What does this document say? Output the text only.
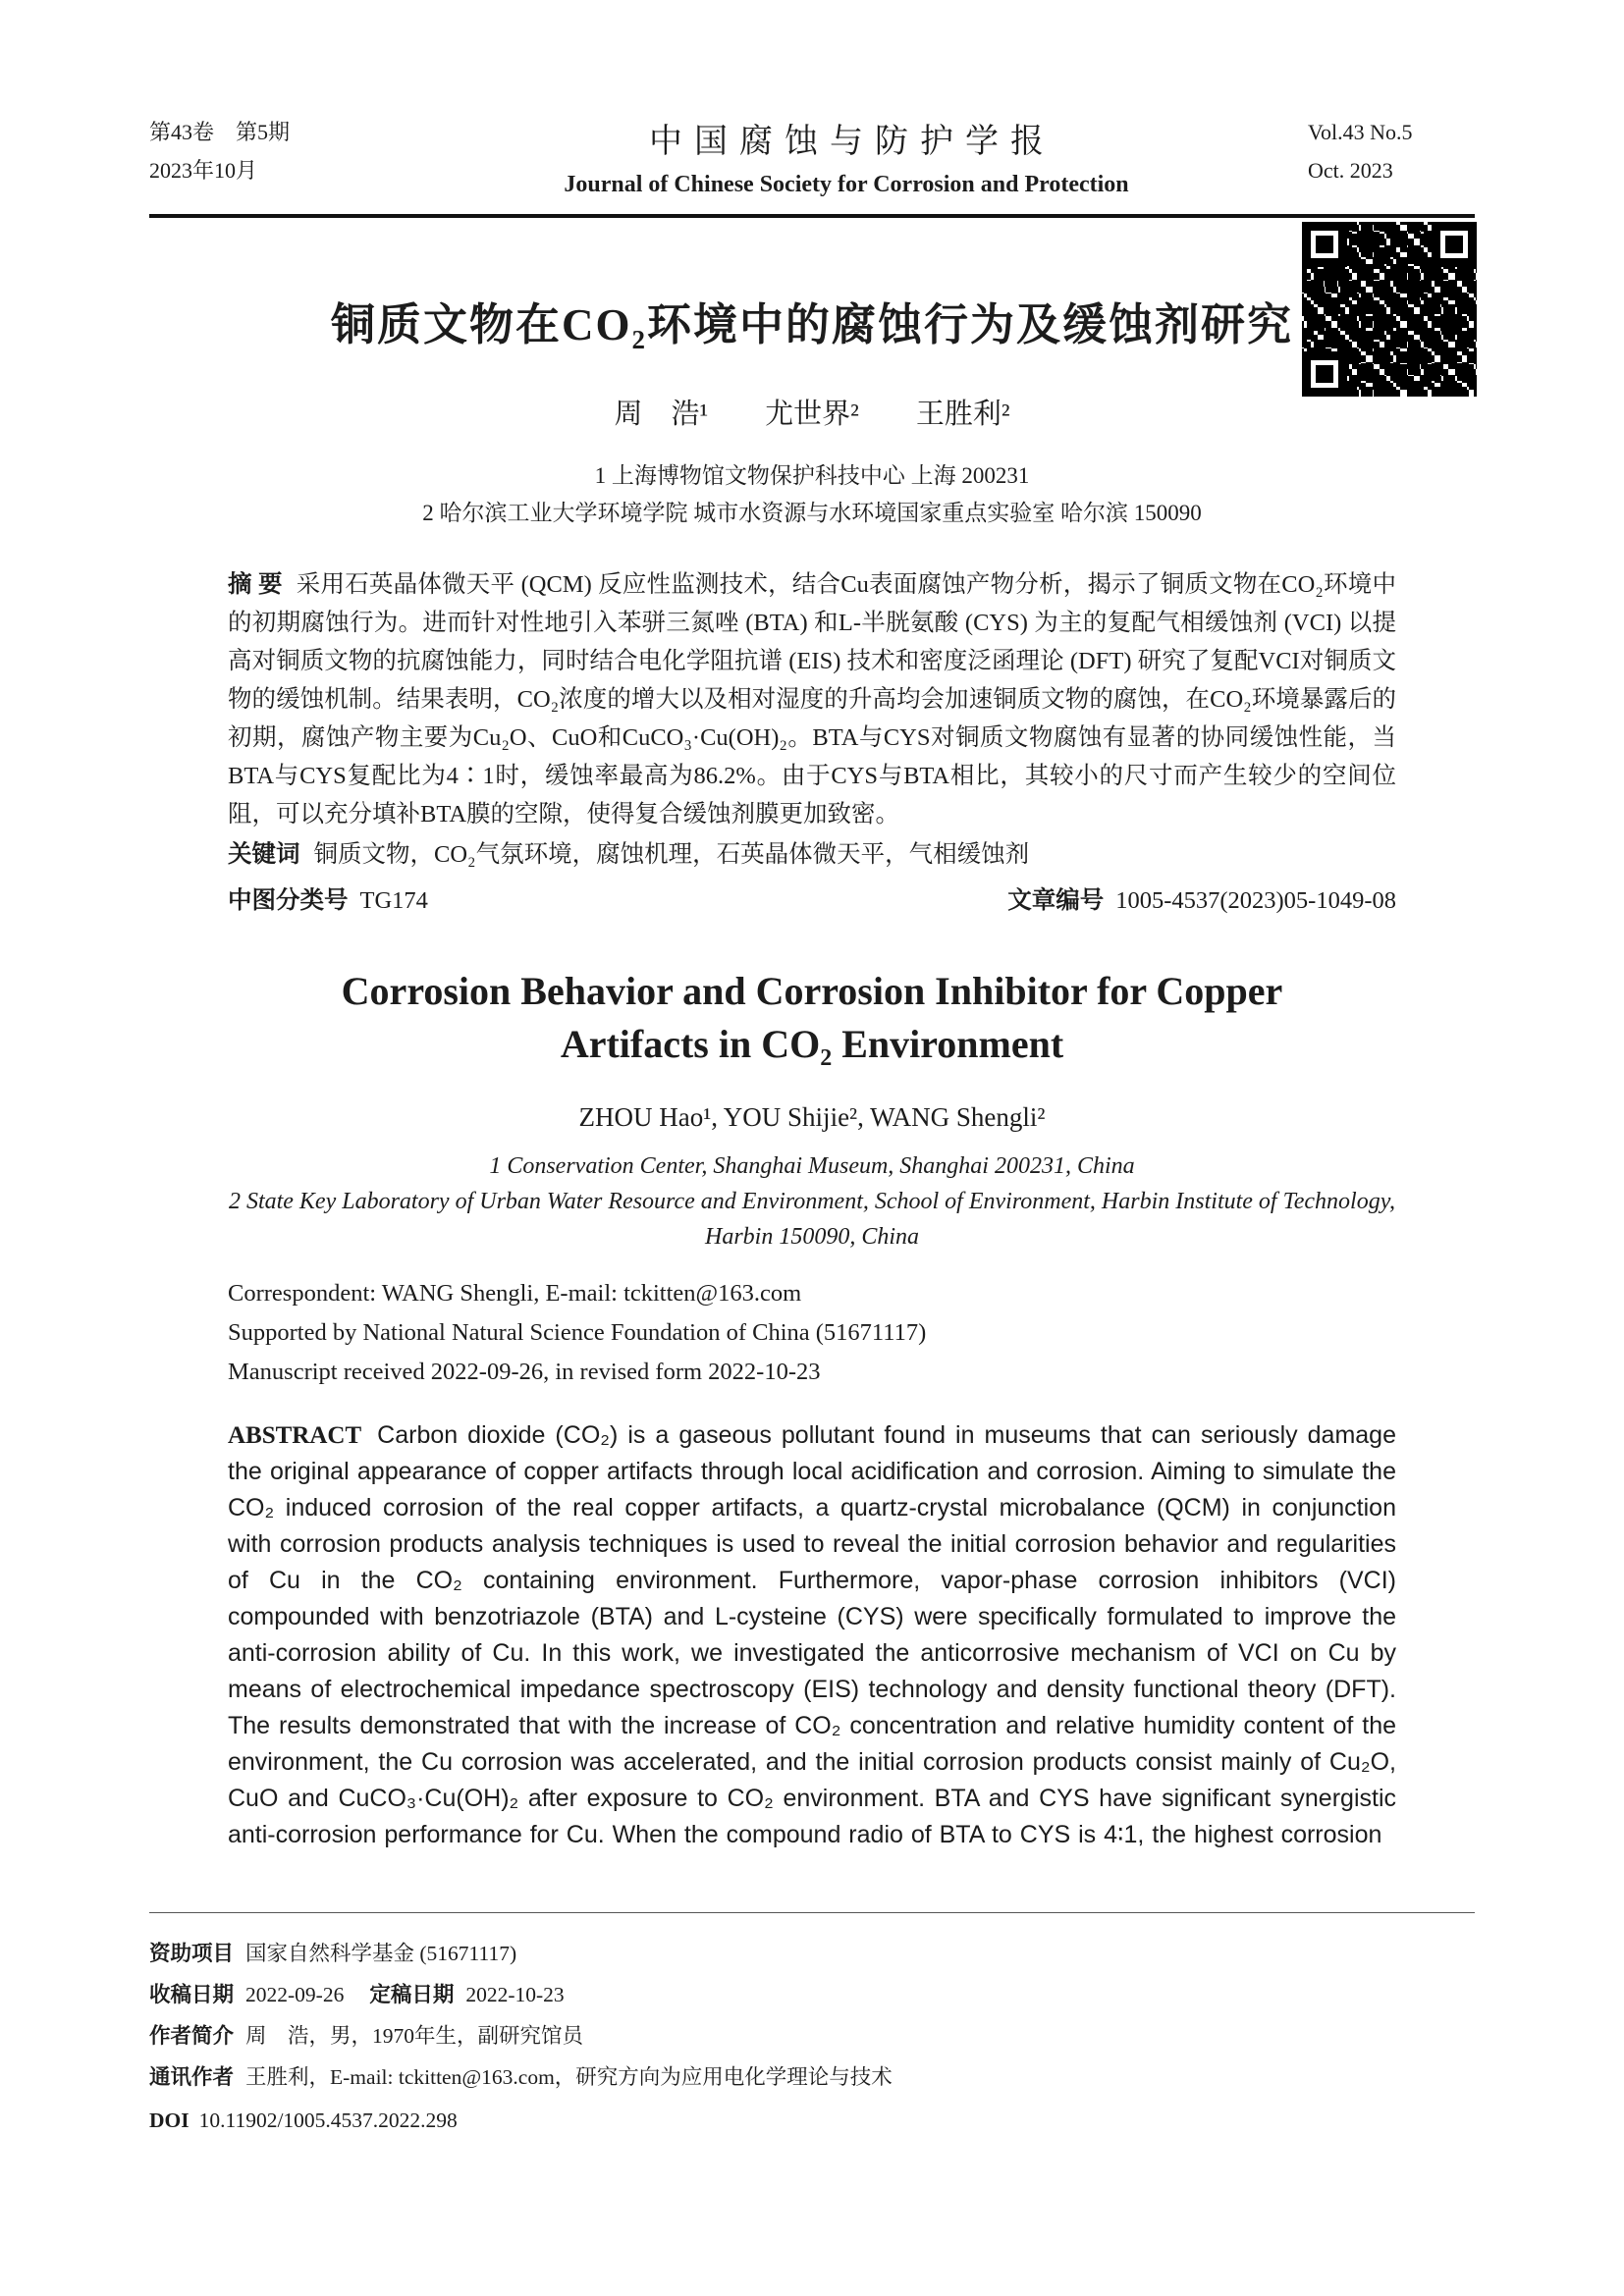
第43卷　第5期
2023年10月
中国腐蚀与防护学报
Journal of Chinese Society for Corrosion and Protection
Vol.43 No.5
Oct. 2023
铜质文物在CO₂环境中的腐蚀行为及缓蚀剂研究
周　浩¹　　尤世界²　　王胜利²
1 上海博物馆文物保护科技中心 上海 200231
2 哈尔滨工业大学环境学院 城市水资源与水环境国家重点实验室 哈尔滨 150090

摘 要 采用石英晶体微天平 (QCM) 反应性监测技术，结合Cu表面腐蚀产物分析，揭示了铜质文物在CO₂环境中的初期腐蚀行为。进而针对性地引入苯骈三氮唑 (BTA) 和L-半胱氨酸 (CYS) 为主的复配气相缓蚀剂 (VCI) 以提高对铜质文物的抗腐蚀能力，同时结合电化学阻抗谱 (EIS) 技术和密度泛函理论 (DFT) 研究了复配VCI对铜质文物的缓蚀机制。结果表明，CO₂浓度的增大以及相对湿度的升高均会加速铜质文物的腐蚀，在CO₂环境暴露后的初期，腐蚀产物主要为Cu₂O、CuO和CuCO₃·Cu(OH)₂。BTA与CYS对铜质文物腐蚀有显著的协同缓蚀性能，当BTA与CYS复配比为4∶1时，缓蚀率最高为86.2%。由于CYS与BTA相比，其较小的尺寸而产生较少的空间位阻，可以充分填补BTA膜的空隙，使得复合缓蚀剂膜更加致密。

关键词 铜质文物，CO₂气氛环境，腐蚀机理，石英晶体微天平，气相缓蚀剂

中图分类号 TG174	文章编号 1005-4537(2023)05-1049-08
Corrosion Behavior and Corrosion Inhibitor for Copper
Artifacts in CO₂ Environment
ZHOU Hao¹, YOU Shijie², WANG Shengli²
1 Conservation Center, Shanghai Museum, Shanghai 200231, China
2 State Key Laboratory of Urban Water Resource and Environment, School of Environment, Harbin Institute of Technology, Harbin 150090, China
Correspondent: WANG Shengli, E-mail: tckitten@163.com
Supported by National Natural Science Foundation of China (51671117)
Manuscript received 2022-09-26, in revised form 2022-10-23

ABSTRACT Carbon dioxide (CO₂) is a gaseous pollutant found in museums that can seriously damage the original appearance of copper artifacts through local acidification and corrosion. Aiming to simulate the CO₂ induced corrosion of the real copper artifacts, a quartz-crystal microbalance (QCM) in conjunction with corrosion products analysis techniques is used to reveal the initial corrosion behavior and regularities of Cu in the CO₂ containing environment. Furthermore, vapor-phase corrosion inhibitors (VCI) compounded with benzotriazole (BTA) and L-cysteine (CYS) were specifically formulated to improve the anti-corrosion ability of Cu. In this work, we investigated the anticorrosive mechanism of VCI on Cu by means of electrochemical impedance spectroscopy (EIS) technology and density functional theory (DFT). The results demonstrated that with the increase of CO₂ concentration and relative humidity content of the environment, the Cu corrosion was accelerated, and the initial corrosion products consist mainly of Cu₂O, CuO and CuCO₃·Cu(OH)₂ after exposure to CO₂ environment. BTA and CYS have significant synergistic anti-corrosion performance for Cu. When the compound radio of BTA to CYS is 4∶1, the highest corrosion

资助项目 国家自然科学基金 (51671117)
收稿日期 2022-09-26 定稿日期 2022-10-23
作者简介 周　浩，男，1970年生，副研究馆员
通讯作者 王胜利，E-mail: tckitten@163.com，研究方向为应用电化学理论与技术
DOI 10.11902/1005.4537.2022.298
